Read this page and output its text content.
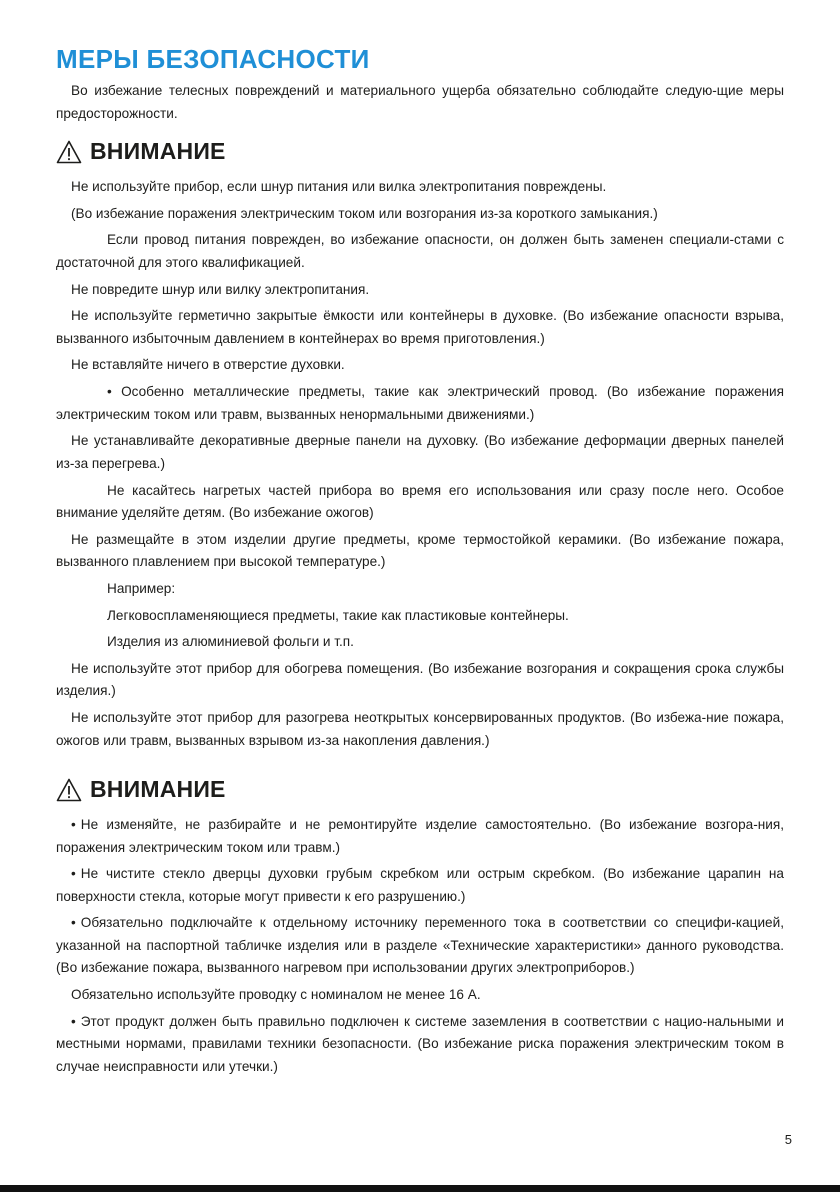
МЕРЫ БЕЗОПАСНОСТИ

Во избежание телесных повреждений и материального ущерба обязательно соблюдайте следую-щие меры предосторожности.

ВНИМАНИЕ

Не используйте прибор, если шнур питания или вилка электропитания повреждены.

(Во избежание поражения электрическим током или возгорания из-за короткого замыкания.)

Если провод питания поврежден, во избежание опасности, он должен быть заменен специали-стами с достаточной для этого квалификацией.

Не повредите шнур или вилку электропитания.

Не используйте герметично закрытые ёмкости или контейнеры в духовке. (Во избежание опасности взрыва, вызванного избыточным давлением в контейнерах во время приготовления.)

Не вставляйте ничего в отверстие духовки.

• Особенно металлические предметы, такие как электрический провод. (Во избежание поражения электрическим током или травм, вызванных ненормальными движениями.)

Не устанавливайте декоративные дверные панели на духовку. (Во избежание деформации дверных панелей из-за перегрева.)

Не касайтесь нагретых частей прибора во время его использования или сразу после него. Особое внимание уделяйте детям. (Во избежание ожогов)

Не размещайте в этом изделии другие предметы, кроме термостойкой керамики. (Во избежание пожара, вызванного плавлением при высокой температуре.)

Например:

Легковоспламеняющиеся предметы, такие как пластиковые контейнеры.

Изделия из алюминиевой фольги и т.п.

Не используйте этот прибор для обогрева помещения. (Во избежание возгорания и сокращения срока службы изделия.)

Не используйте этот прибор для разогрева неоткрытых консервированных продуктов. (Во избежа-ние пожара, ожогов или травм, вызванных взрывом из-за накопления давления.)

ВНИМАНИЕ

• Не изменяйте, не разбирайте и не ремонтируйте изделие самостоятельно. (Во избежание возгора-ния, поражения электрическим током или травм.)

• Не чистите стекло дверцы духовки грубым скребком или острым скребком. (Во избежание царапин на поверхности стекла, которые могут привести к его разрушению.)

• Обязательно подключайте к отдельному источнику переменного тока в соответствии со специфи-кацией, указанной на паспортной табличке изделия или в разделе «Технические характеристики» данного руководства. (Во избежание пожара, вызванного нагревом при использовании других электроприборов.)

Обязательно используйте проводку с номиналом не менее 16 А.

• Этот продукт должен быть правильно подключен к системе заземления в соответствии с нацио-нальными и местными нормами, правилами техники безопасности. (Во избежание риска поражения электрическим током в случае неисправности или утечки.)

5
